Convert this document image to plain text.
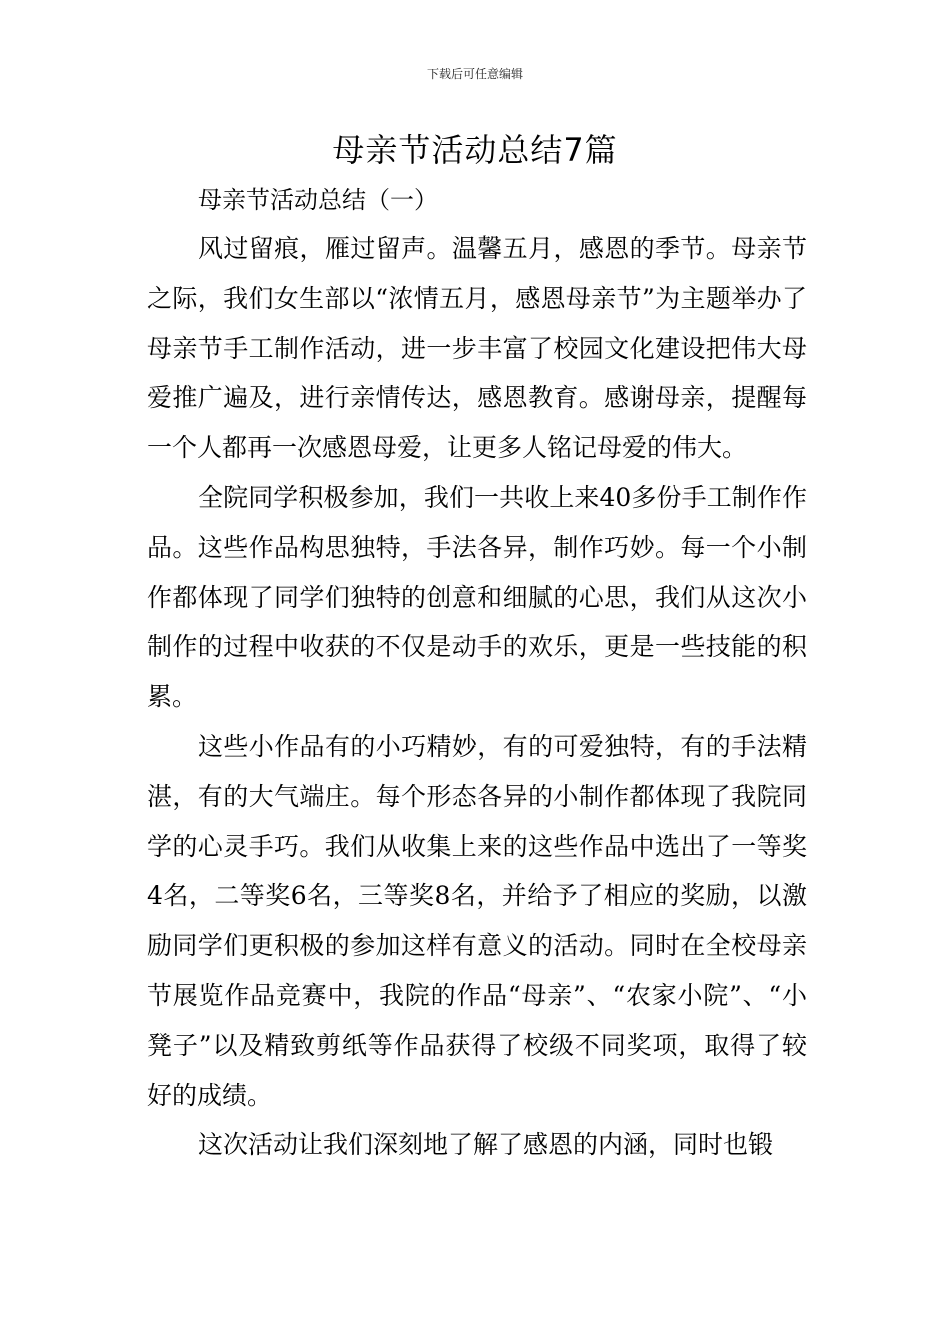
下载后可任意编辑
母亲节活动总结7篇
母亲节活动总结（一）

风过留痕，雁过留声。温馨五月，感恩的季节。母亲节之际，我们女生部以“浓情五月，感恩母亲节”为主题举办了母亲节手工制作活动，进一步丰富了校园文化建设把伟大母爱推广遍及，进行亲情传达，感恩教育。感谢母亲，提醒每一个人都再一次感恩母爱，让更多人铭记母爱的伟大。

全院同学积极参加，我们一共收上来40多份手工制作作品。这些作品构思独特，手法各异，制作巧妙。每一个小制作都体现了同学们独特的创意和细腻的心思，我们从这次小制作的过程中收获的不仅是动手的欢乐，更是一些技能的积累。

这些小作品有的小巧精妙，有的可爱独特，有的手法精湛，有的大气端庄。每个形态各异的小制作都体现了我院同学的心灵手巧。我们从收集上来的这些作品中选出了一等奖4名，二等奖6名，三等奖8名，并给予了相应的奖励，以激励同学们更积极的参加这样有意义的活动。同时在全校母亲节展览作品竞赛中，我院的作品“母亲”、“农家小院”、“小凳子”以及精致剪纸等作品获得了校级不同奖项，取得了较好的成绩。

这次活动让我们深刻地了解了感恩的内涵，同时也锻
